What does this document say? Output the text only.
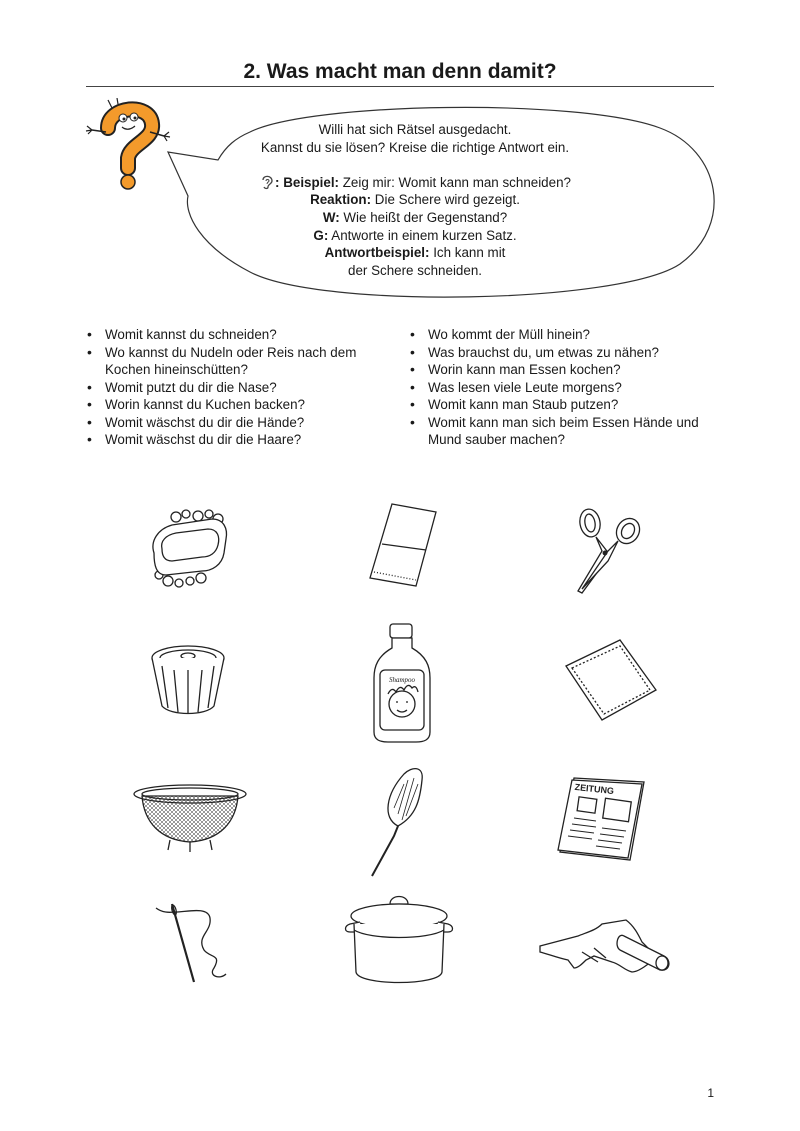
2. Was macht man denn damit?
Willi hat sich Rätsel ausgedacht.
Kannst du sie lösen? Kreise die richtige Antwort ein.
: Beispiel: Zeig mir: Womit kann man schneiden?
Reaktion: Die Schere wird gezeigt.
W: Wie heißt der Gegenstand?
G: Antworte in einem kurzen Satz.
Antwortbeispiel: Ich kann mit
der Schere schneiden.
• Womit kannst du schneiden?
• Wo kannst du Nudeln oder Reis nach dem Kochen hineinschütten?
• Womit putzt du dir die Nase?
• Worin kannst du Kuchen backen?
• Womit wäschst du dir die Hände?
• Womit wäschst du dir die Haare?
• Wo kommt der Müll hinein?
• Was brauchst du, um etwas zu nähen?
• Worin kann man Essen kochen?
• Was lesen viele Leute morgens?
• Womit kann man Staub putzen?
• Womit kann man sich beim Essen Hände und Mund sauber machen?
Shampoo
ZEITUNG
1
